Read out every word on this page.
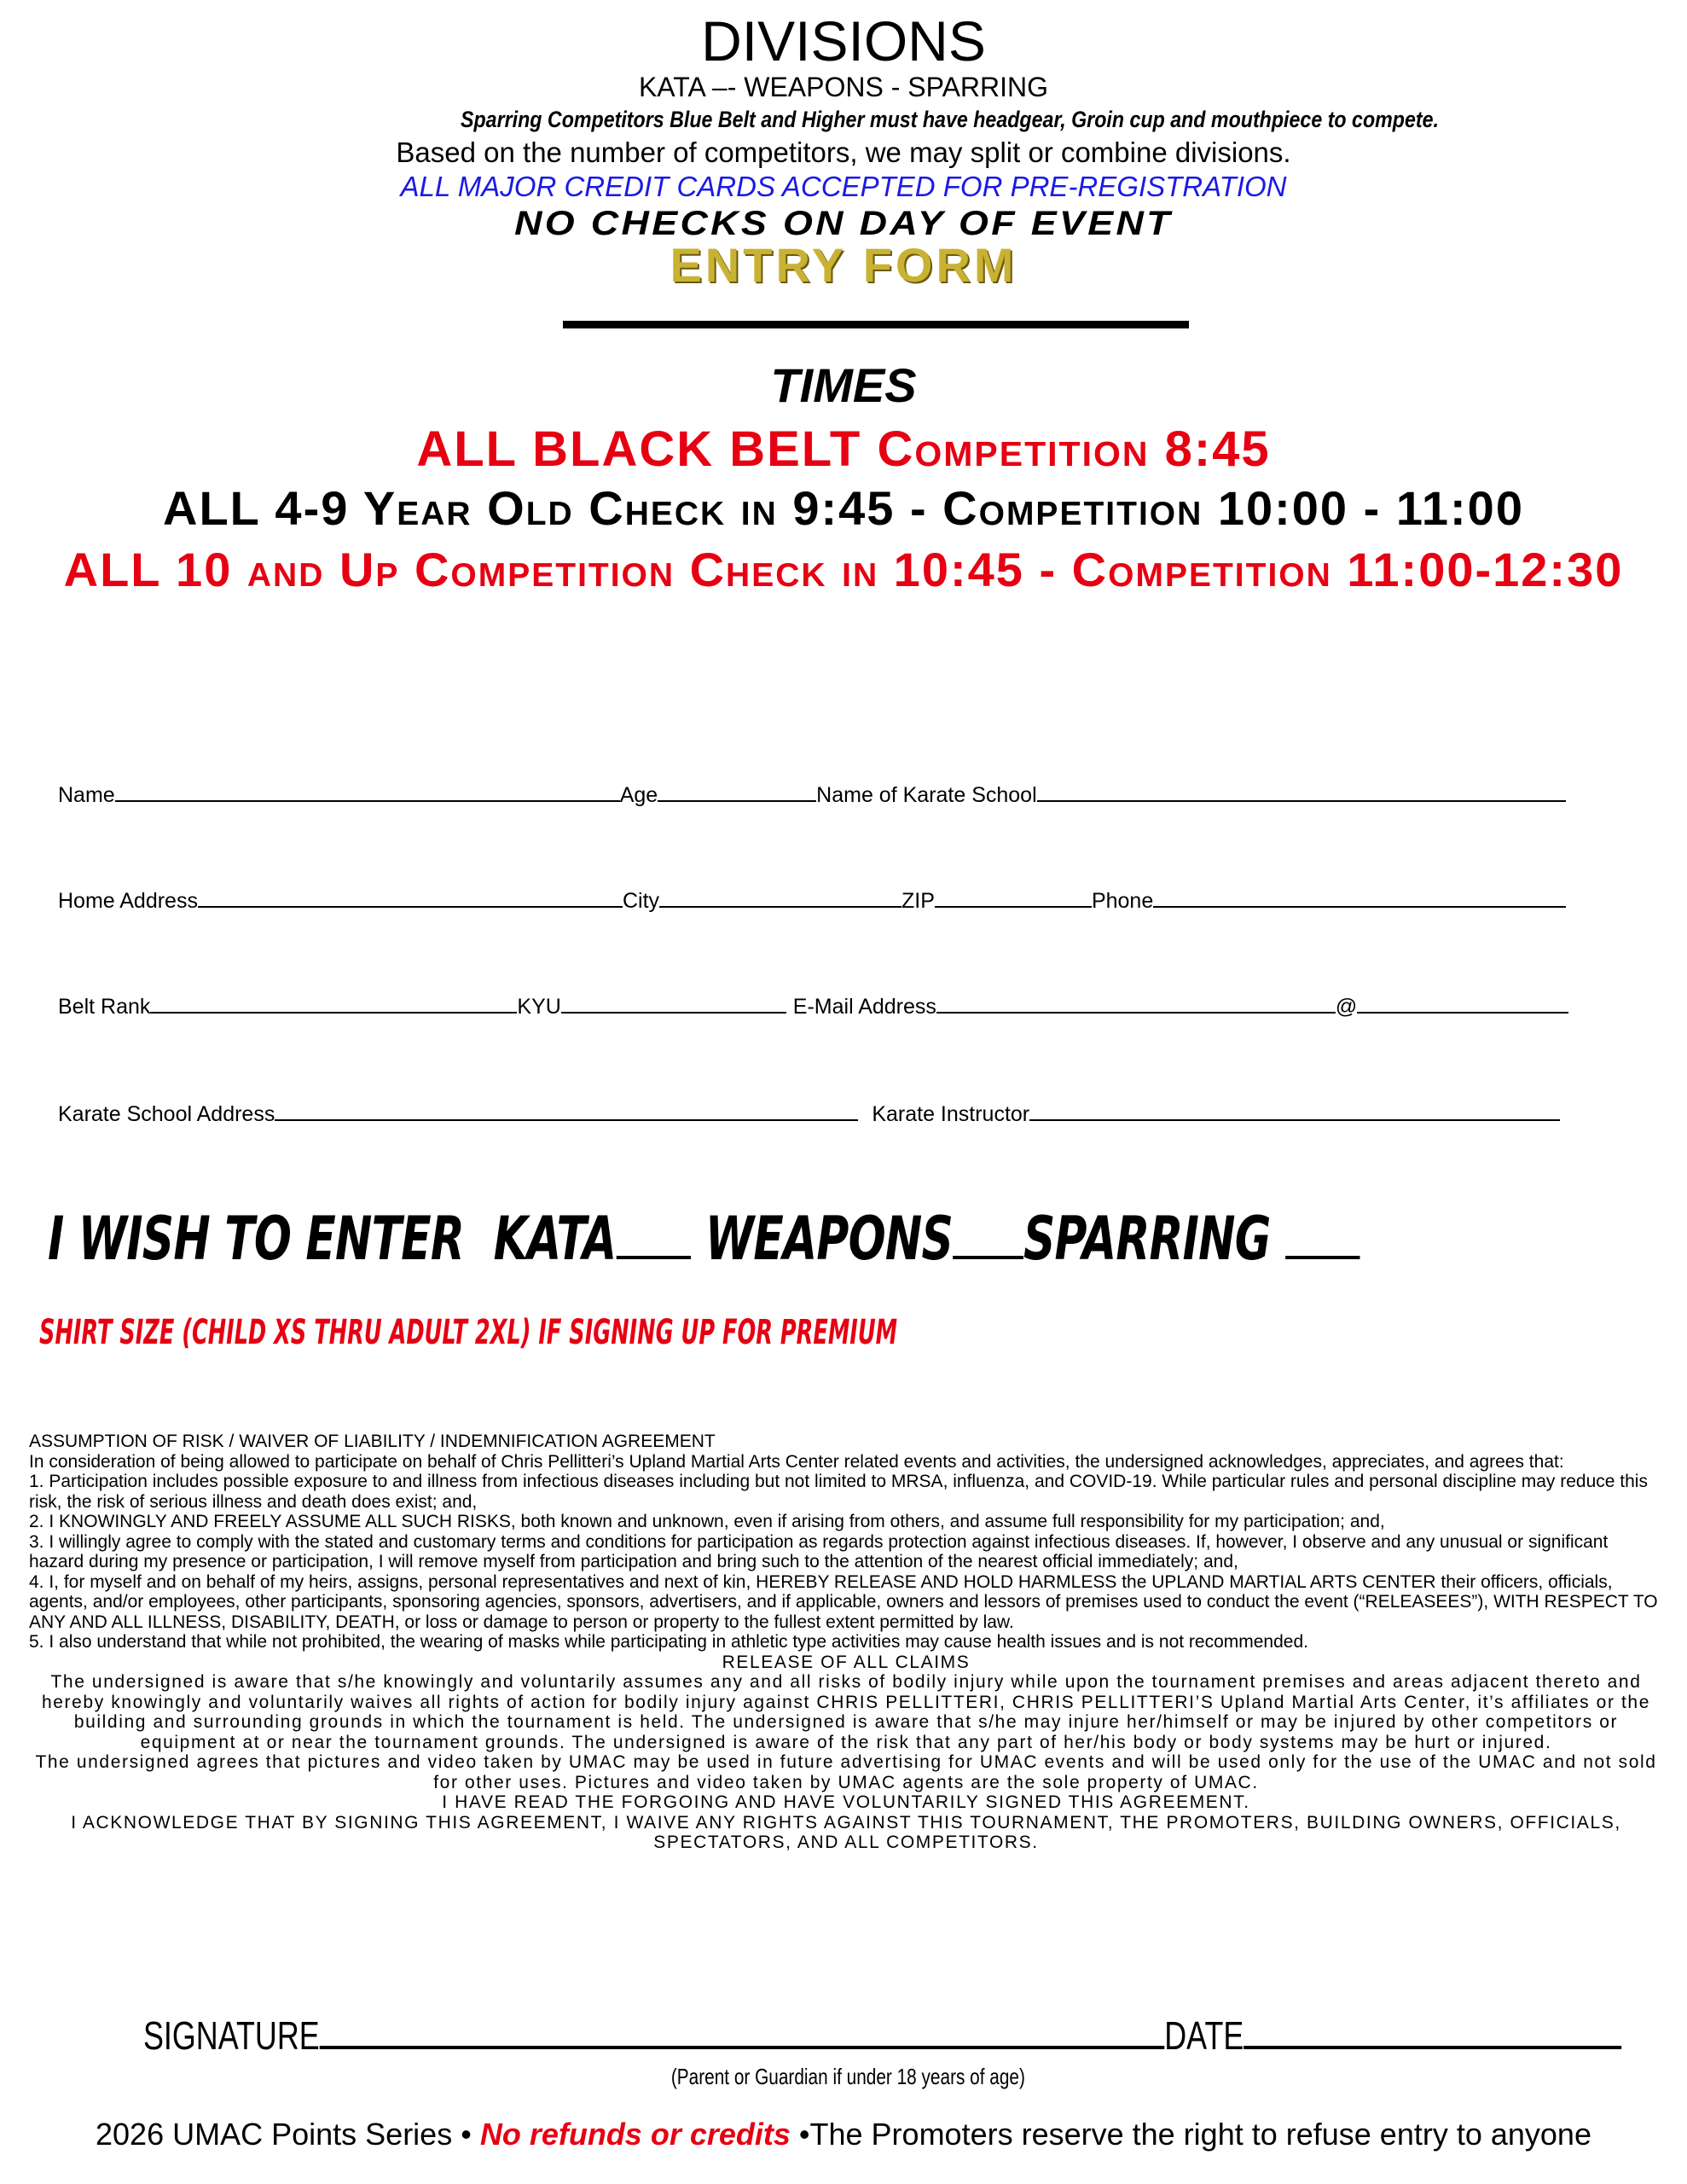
DIVISIONS
KATA –- WEAPONS - SPARRING
Sparring Competitors Blue Belt and Higher must have headgear, Groin cup and mouthpiece to compete.
Based on the number of competitors, we may split or combine divisions.
ALL MAJOR CREDIT CARDS ACCEPTED FOR PRE-REGISTRATION
NO CHECKS ON DAY OF EVENT
ENTRY FORM
TIMES
ALL BLACK BELT Competition 8:45
ALL 4-9 Year Old Check in 9:45 - Competition 10:00 - 11:00
ALL 10 and Up Competition Check in 10:45 - Competition 11:00-12:30
Name	Age	Name of Karate School
Home Address	City	ZIP	Phone
Belt Rank	KYU	E-Mail Address	@
Karate School Address	Karate Instructor
I WISH TO ENTER KATA WEAPONS SPARRING
SHIRT SIZE (CHILD XS THRU ADULT 2XL) IF SIGNING UP FOR PREMIUM

ASSUMPTION OF RISK / WAIVER OF LIABILITY / INDEMNIFICATION AGREEMENT

In consideration of being allowed to participate on behalf of Chris Pellitteri’s Upland Martial Arts Center related events and activities, the undersigned acknowledges, appreciates, and agrees that:

1. Participation includes possible exposure to and illness from infectious diseases including but not limited to MRSA, influenza, and COVID-19. While particular rules and personal discipline may reduce this risk, the risk of serious illness and death does exist; and,

2. I KNOWINGLY AND FREELY ASSUME ALL SUCH RISKS, both known and unknown, even if arising from others, and assume full responsibility for my participation; and,

3. I willingly agree to comply with the stated and customary terms and conditions for participation as regards protection against infectious diseases. If, however, I observe and any unusual or significant hazard during my presence or participation, I will remove myself from participation and bring such to the attention of the nearest official immediately; and,

4. I, for myself and on behalf of my heirs, assigns, personal representatives and next of kin, HEREBY RELEASE AND HOLD HARMLESS the UPLAND MARTIAL ARTS CENTER their officers, officials, agents, and/or employees, other participants, sponsoring agencies, sponsors, advertisers, and if applicable, owners and lessors of premises used to conduct the event (“RELEASEES”), WITH RESPECT TO ANY AND ALL ILLNESS, DISABILITY, DEATH, or loss or damage to person or property to the fullest extent permitted by law.

5. I also understand that while not prohibited, the wearing of masks while participating in athletic type activities may cause health issues and is not recommended.

RELEASE OF ALL CLAIMS

The undersigned is aware that s/he knowingly and voluntarily assumes any and all risks of bodily injury while upon the tournament premises and areas adjacent thereto and hereby knowingly and voluntarily waives all rights of action for bodily injury against CHRIS PELLITTERI, CHRIS PELLITTERI’S Upland Martial Arts Center, it’s affiliates or the building and surrounding grounds in which the tournament is held. The undersigned is aware that s/he may injure her/himself or may be injured by other competitors or equipment at or near the tournament grounds. The undersigned is aware of the risk that any part of her/his body or body systems may be hurt or injured.

The undersigned agrees that pictures and video taken by UMAC may be used in future advertising for UMAC events and will be used only for the use of the UMAC and not sold for other uses. Pictures and video taken by UMAC agents are the sole property of UMAC.

I HAVE READ THE FORGOING AND HAVE VOLUNTARILY SIGNED THIS AGREEMENT.

I ACKNOWLEDGE THAT BY SIGNING THIS AGREEMENT, I WAIVE ANY RIGHTS AGAINST THIS TOURNAMENT, THE PROMOTERS, BUILDING OWNERS, OFFICIALS, SPECTATORS, AND ALL COMPETITORS.

SIGNATURE	DATE
(Parent or Guardian if under 18 years of age)
2026 UMAC Points Series • No refunds or credits •The Promoters reserve the right to refuse entry to anyone
